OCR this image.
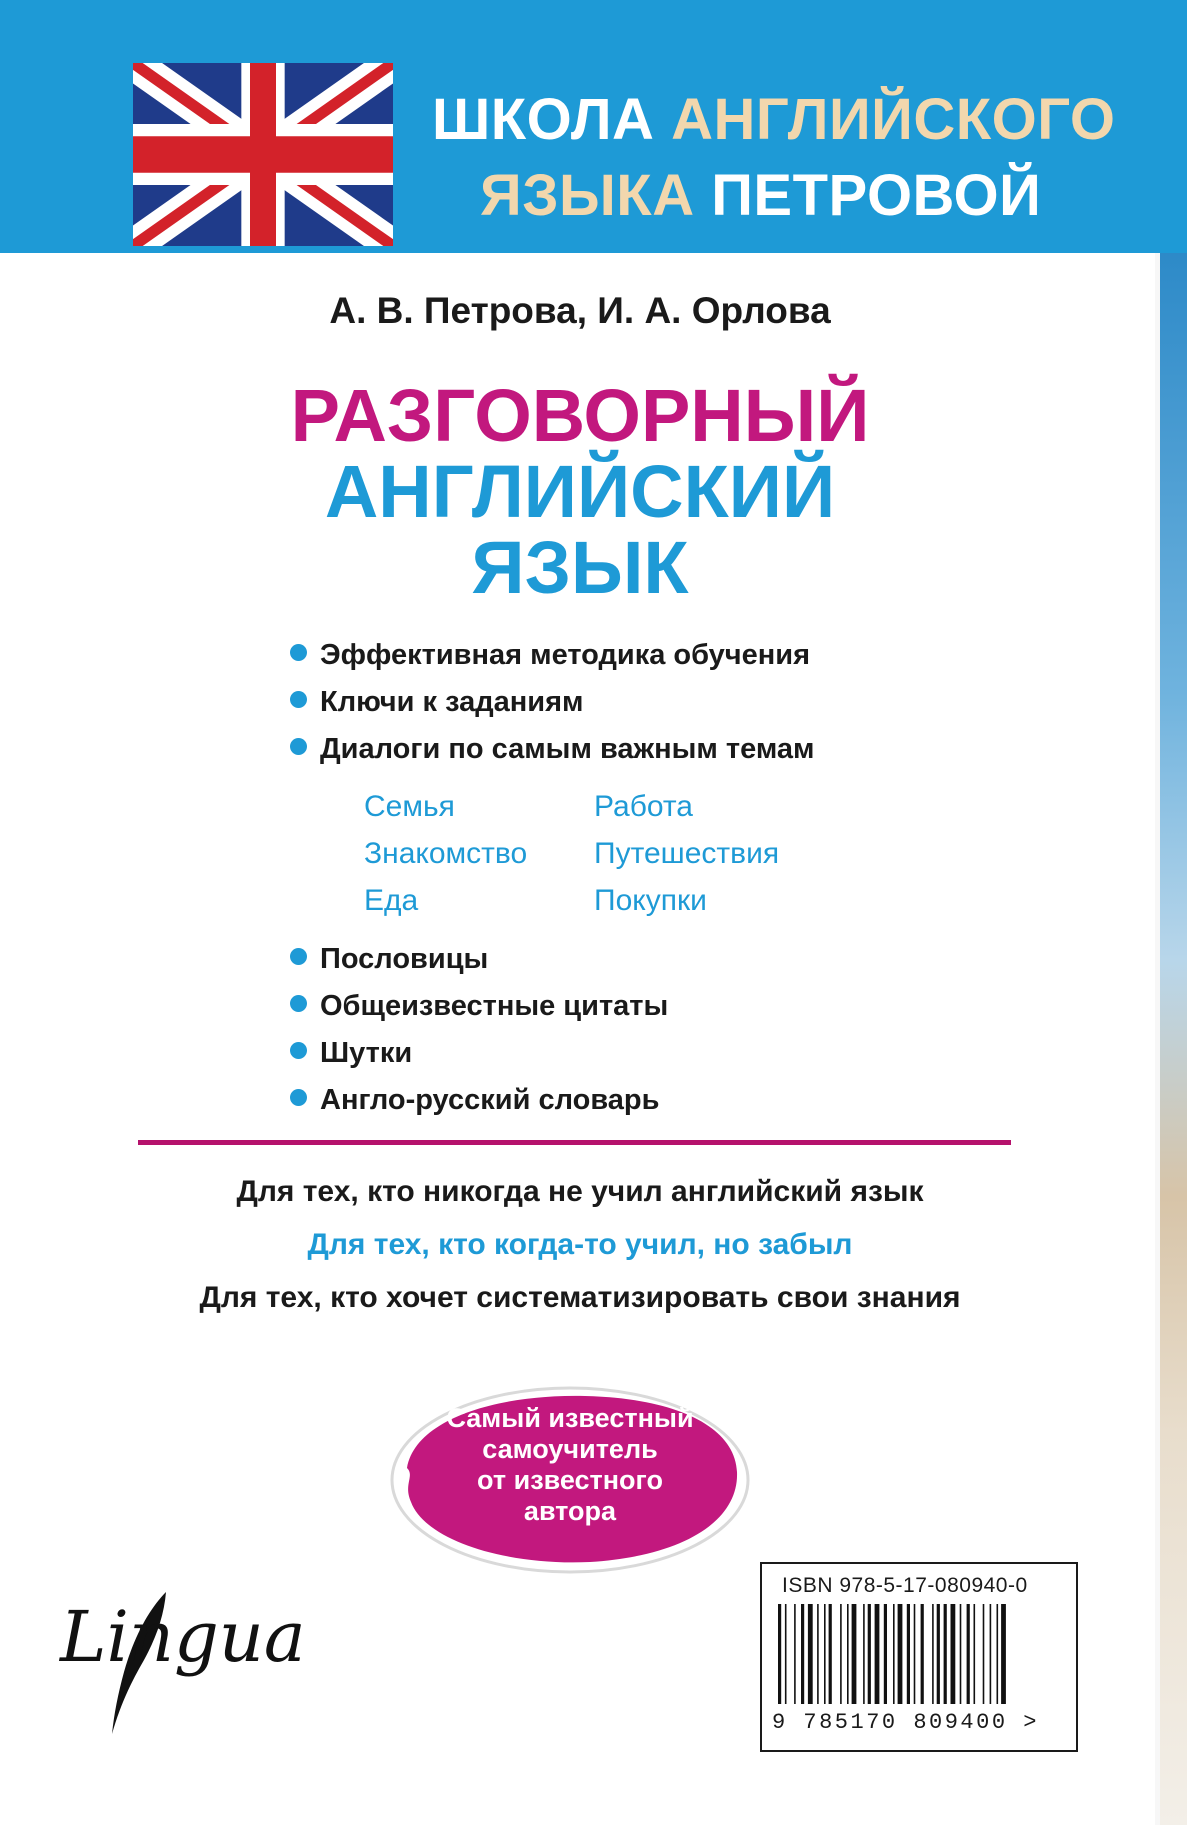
ШКОЛА АНГЛИЙСКОГО
ЯЗЫКА ПЕТРОВОЙ
А. В. Петрова, И. А. Орлова
РАЗГОВОРНЫЙ
АНГЛИЙСКИЙ
ЯЗЫК
Эффективная методика обучения
Ключи к заданиям
Диалоги по самым важным темам
Семья	Работа
Знакомство	Путешествия
Еда	Покупки
Пословицы
Общеизвестные цитаты
Шутки
Англо-русский словарь
Для тех, кто никогда не учил английский язык
Для тех, кто когда-то учил, но забыл
Для тех, кто хочет систематизировать свои знания
Самый известный
самоучитель
от известного
автора
Lingua
ISBN 978-5-17-080940-0
9 785170 809400 >
